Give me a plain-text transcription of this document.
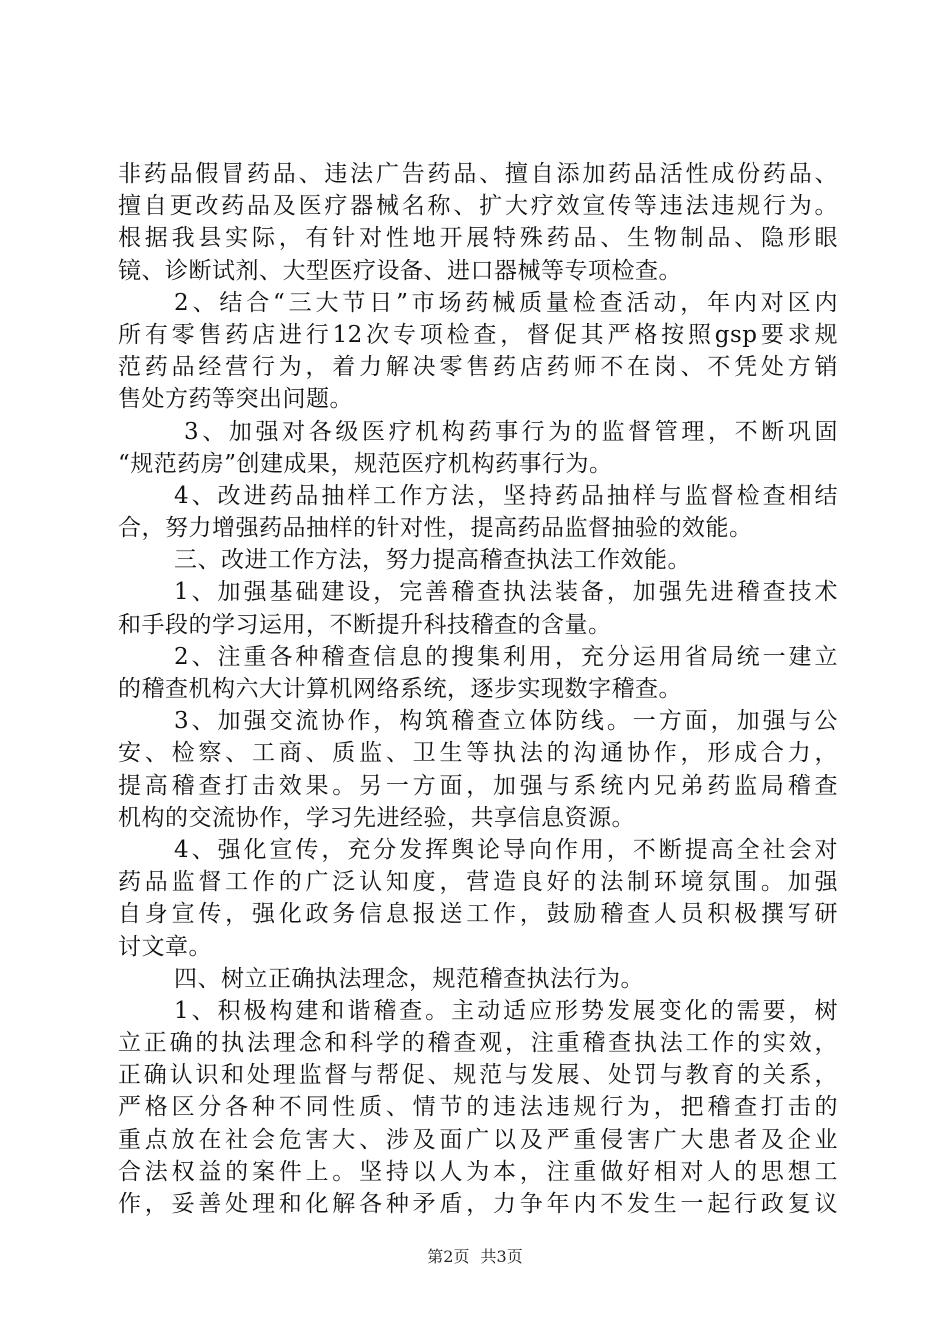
非药品假冒药品、违法广告药品、擅自添加药品活性成份药品、
擅自更改药品及医疗器械名称、扩大疗效宣传等违法违规行为。
根据我县实际，有针对性地开展特殊药品、生物制品、隐形眼
镜、诊断试剂、大型医疗设备、进口器械等专项检查。
2、结合“三大节日”市场药械质量检查活动，年内对区内
所有零售药店进行12次专项检查，督促其严格按照gsp要求规
范药品经营行为，着力解决零售药店药师不在岗、不凭处方销
售处方药等突出问题。
3、加强对各级医疗机构药事行为的监督管理，不断巩固
“规范药房”创建成果，规范医疗机构药事行为。
4、改进药品抽样工作方法，坚持药品抽样与监督检查相结
合，努力增强药品抽样的针对性，提高药品监督抽验的效能。
三、改进工作方法，努力提高稽查执法工作效能。
1、加强基础建设，完善稽查执法装备，加强先进稽查技术
和手段的学习运用，不断提升科技稽查的含量。
2、注重各种稽查信息的搜集利用，充分运用省局统一建立
的稽查机构六大计算机网络系统，逐步实现数字稽查。
3、加强交流协作，构筑稽查立体防线。一方面，加强与公
安、检察、工商、质监、卫生等执法的沟通协作，形成合力，
提高稽查打击效果。另一方面，加强与系统内兄弟药监局稽查
机构的交流协作，学习先进经验，共享信息资源。
4、强化宣传，充分发挥舆论导向作用，不断提高全社会对
药品监督工作的广泛认知度，营造良好的法制环境氛围。加强
自身宣传，强化政务信息报送工作，鼓励稽查人员积极撰写研
讨文章。
四、树立正确执法理念，规范稽查执法行为。
1、积极构建和谐稽查。主动适应形势发展变化的需要，树
立正确的执法理念和科学的稽查观，注重稽查执法工作的实效，
正确认识和处理监督与帮促、规范与发展、处罚与教育的关系，
严格区分各种不同性质、情节的违法违规行为，把稽查打击的
重点放在社会危害大、涉及面广以及严重侵害广大患者及企业
合法权益的案件上。坚持以人为本，注重做好相对人的思想工
作，妥善处理和化解各种矛盾，力争年内不发生一起行政复议
第2页 共3页
